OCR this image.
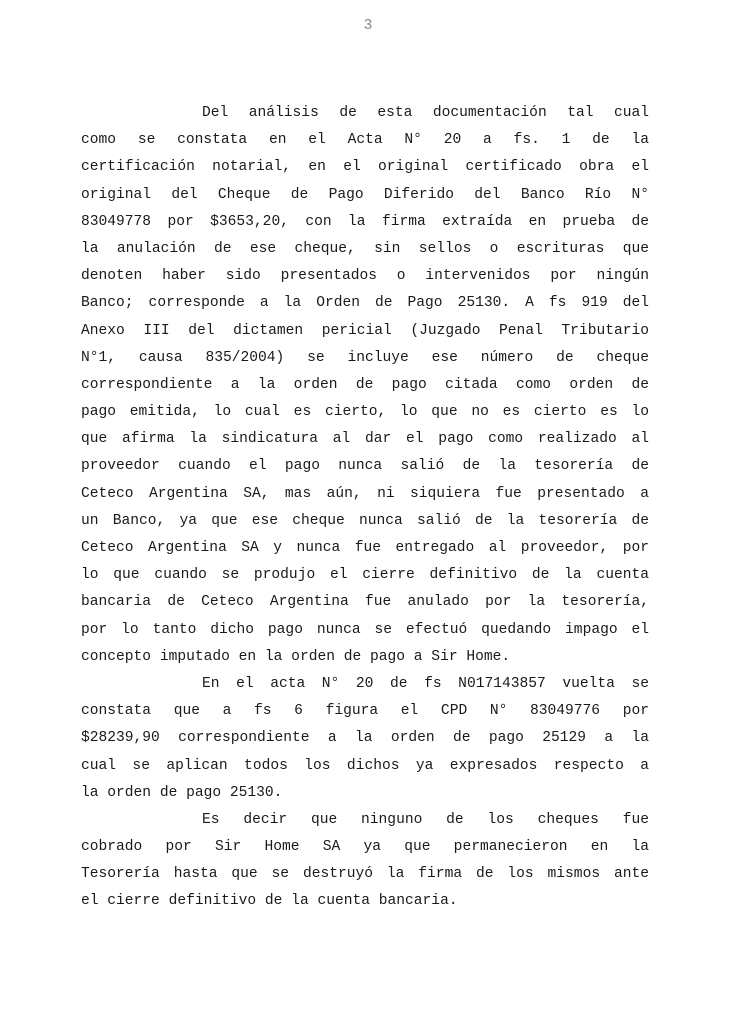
3
Del análisis de esta documentación tal cual
como se constata en el Acta N° 20 a fs. 1 de la
certificación notarial, en el original certificado obra el
original del Cheque de Pago Diferido del Banco Río N°
83049778 por $3653,20, con la firma extraída en prueba de
la anulación de ese cheque, sin sellos o escrituras que
denoten haber sido presentados o intervenidos por ningún
Banco; corresponde a la Orden de Pago 25130. A fs 919 del
Anexo III del dictamen pericial (Juzgado Penal Tributario
N°1, causa 835/2004) se incluye ese número de cheque
correspondiente a la orden de pago citada como orden de
pago emitida, lo cual es cierto, lo que no es cierto es lo
que afirma la sindicatura al dar el pago como realizado al
proveedor cuando el pago nunca salió de la tesorería de
Ceteco Argentina SA, mas aún, ni siquiera fue presentado a
un Banco, ya que ese cheque nunca salió de la tesorería de
Ceteco Argentina SA y nunca fue entregado al proveedor, por
lo que cuando se produjo el cierre definitivo de la cuenta
bancaria de Ceteco Argentina fue anulado por la tesorería,
por lo tanto dicho pago nunca se efectuó quedando impago el
concepto imputado en la orden de pago a Sir Home.
En el acta N° 20 de fs N017143857 vuelta se
constata que a fs 6 figura el CPD N° 83049776 por
$28239,90 correspondiente a la orden de pago 25129 a la
cual se aplican todos los dichos ya expresados respecto a
la orden de pago 25130.
Es decir que ninguno de los cheques fue
cobrado por Sir Home SA ya que permanecieron en la
Tesorería hasta que se destruyó la firma de los mismos ante
el cierre definitivo de la cuenta bancaria.
